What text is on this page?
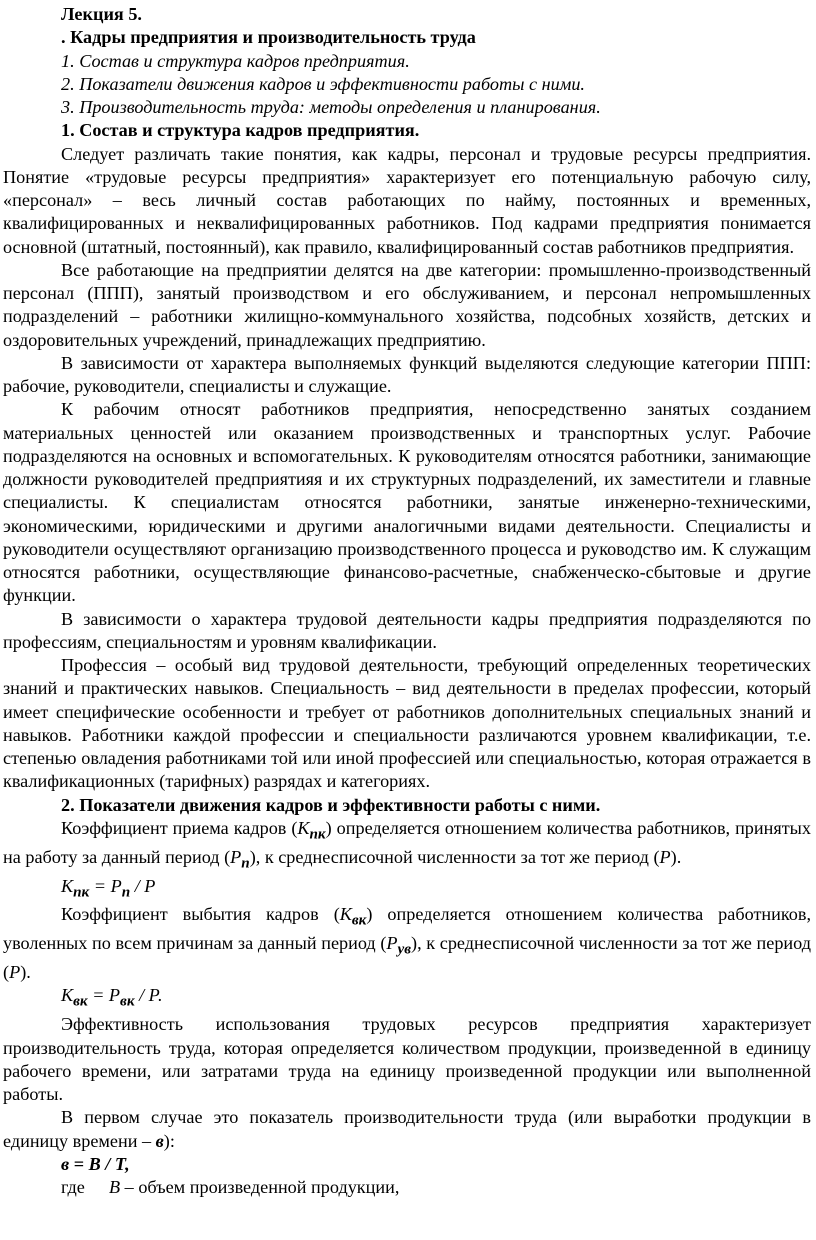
Лекция 5.
. Кадры предприятия и производительность труда
1. Состав и структура кадров предприятия.
2. Показатели движения кадров и эффективности работы с ними.
3. Производительность труда: методы определения и планирования.
1. Состав и структура кадров предприятия.

Следует различать такие понятия, как кадры, персонал и трудовые ресурсы предприятия. Понятие «трудовые ресурсы предприятия» характеризует его потенциальную рабочую силу, «персонал» – весь личный состав работающих по найму, постоянных и временных, квалифицированных и неквалифицированных работников. Под кадрами предприятия понимается основной (штатный, постоянный), как правило, квалифицированный состав работников предприятия.

Все работающие на предприятии делятся на две категории: промышленно-производственный персонал (ППП), занятый производством и его обслуживанием, и персонал непромышленных подразделений – работники жилищно-коммунального хозяйства, подсобных хозяйств, детских и оздоровительных учреждений, принадлежащих предприятию.

В зависимости от характера выполняемых функций выделяются следующие категории ППП: рабочие, руководители, специалисты и служащие.

К рабочим относят работников предприятия, непосредственно занятых созданием материальных ценностей или оказанием производственных и транспортных услуг. Рабочие подразделяются на основных и вспомогательных. К руководителям относятся работники, занимающие должности руководителей предприятияя и их структурных подразделений, их заместители и главные специалисты. К специалистам относятся работники, занятые инженерно-техническими, экономическими, юридическими и другими аналогичными видами деятельности. Специалисты и руководители осуществляют организацию производственного процесса и руководство им. К служащим относятся работники, осуществляющие финансово-расчетные, снабженческо-сбытовые и другие функции.

В зависимости о характера трудовой деятельности кадры предприятия подразделяются по профессиям, специальностям и уровням квалификации.

Профессия – особый вид трудовой деятельности, требующий определенных теоретических знаний и практических навыков. Специальность – вид деятельности в пределах профессии, который имеет специфические особенности и требует от работников дополнительных специальных знаний и навыков. Работники каждой профессии и специальности различаются уровнем квалификации, т.е. степенью овладения работниками той или иной профессией или специальностью, которая отражается в квалификационных (тарифных) разрядах и категориях.

2. Показатели движения кадров и эффективности работы с ними.

Коэффициент приема кадров $(К_{пк})$ определяется отношением количества работников, принятых на работу за данный период $(Р_п)$, к среднесписочной численности за тот же период (Р).

$К_{пк} = Р_п / Р$

Коэффициент выбытия кадров $(К_{вк})$ определяется отношением количества работников, уволенных по всем причинам за данный период $(Р_{ув})$, к среднесписочной численности за тот же период (Р).

$К_{вк} = Р_{вк} / Р$.

Эффективность использования трудовых ресурсов предприятия характеризует производительность труда, которая определяется количеством продукции, произведенной в единицу рабочего времени, или затратами труда на единицу произведенной продукции или выполненной работы.

В первом случае это показатель производительности труда (или выработки продукции в единицу времени – в):

в = В / Т,
где В – объем произведенной продукции,
